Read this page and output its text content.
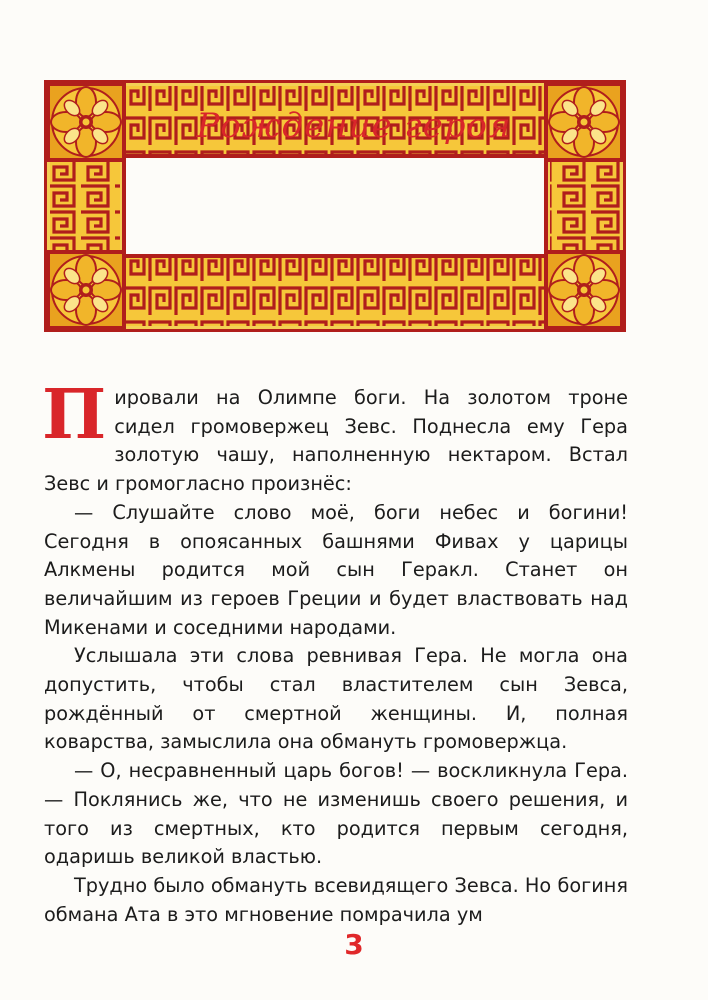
Рождение героя

Пировали на Олимпе боги. На золотом троне сидел громовержец Зевс. Поднесла ему Гера золотую чашу, наполненную нектаром. Встал Зевс и громогласно произнёс:

— Слушайте слово моё, боги небес и богини! Сегодня в опоясанных башнями Фивах у царицы Алкмены родится мой сын Геракл. Станет он величайшим из героев Греции и будет властвовать над Микенами и соседними народами.

Услышала эти слова ревнивая Гера. Не могла она допустить, чтобы стал властителем сын Зевса, рождённый от смертной женщины. И, полная коварства, замыслила она обмануть громовержца.

— О, несравненный царь богов! — воскликнула Гера. — Поклянись же, что не изменишь своего решения, и того из смертных, кто родится первым сегодня, одаришь великой властью.

Трудно было обмануть всевидящего Зевса. Но богиня обмана Ата в это мгновение помрачила ум

3
